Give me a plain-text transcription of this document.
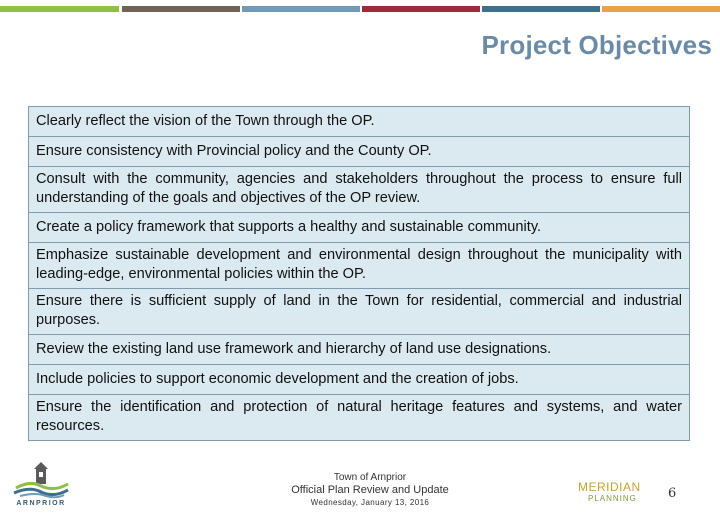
Project Objectives
Clearly reflect the vision of the Town through the OP.
Ensure consistency with Provincial policy and the County OP.
Consult with the community, agencies and stakeholders throughout the process to ensure full understanding of the goals and objectives of the OP review.
Create a policy framework that supports a healthy and sustainable community.
Emphasize sustainable development and environmental design throughout the municipality with leading-edge, environmental policies within the OP.
Ensure there is sufficient supply of land in the Town for residential, commercial and industrial purposes.
Review the existing land use framework and hierarchy of land use designations.
Include policies to support economic development and the creation of jobs.
Ensure the identification and protection of natural heritage features and systems, and water resources.
ARNPRIOR
Town of Arnprior
Official Plan Review and Update
Wednesday, January 13, 2016
MERIDIAN
PLANNING	6
